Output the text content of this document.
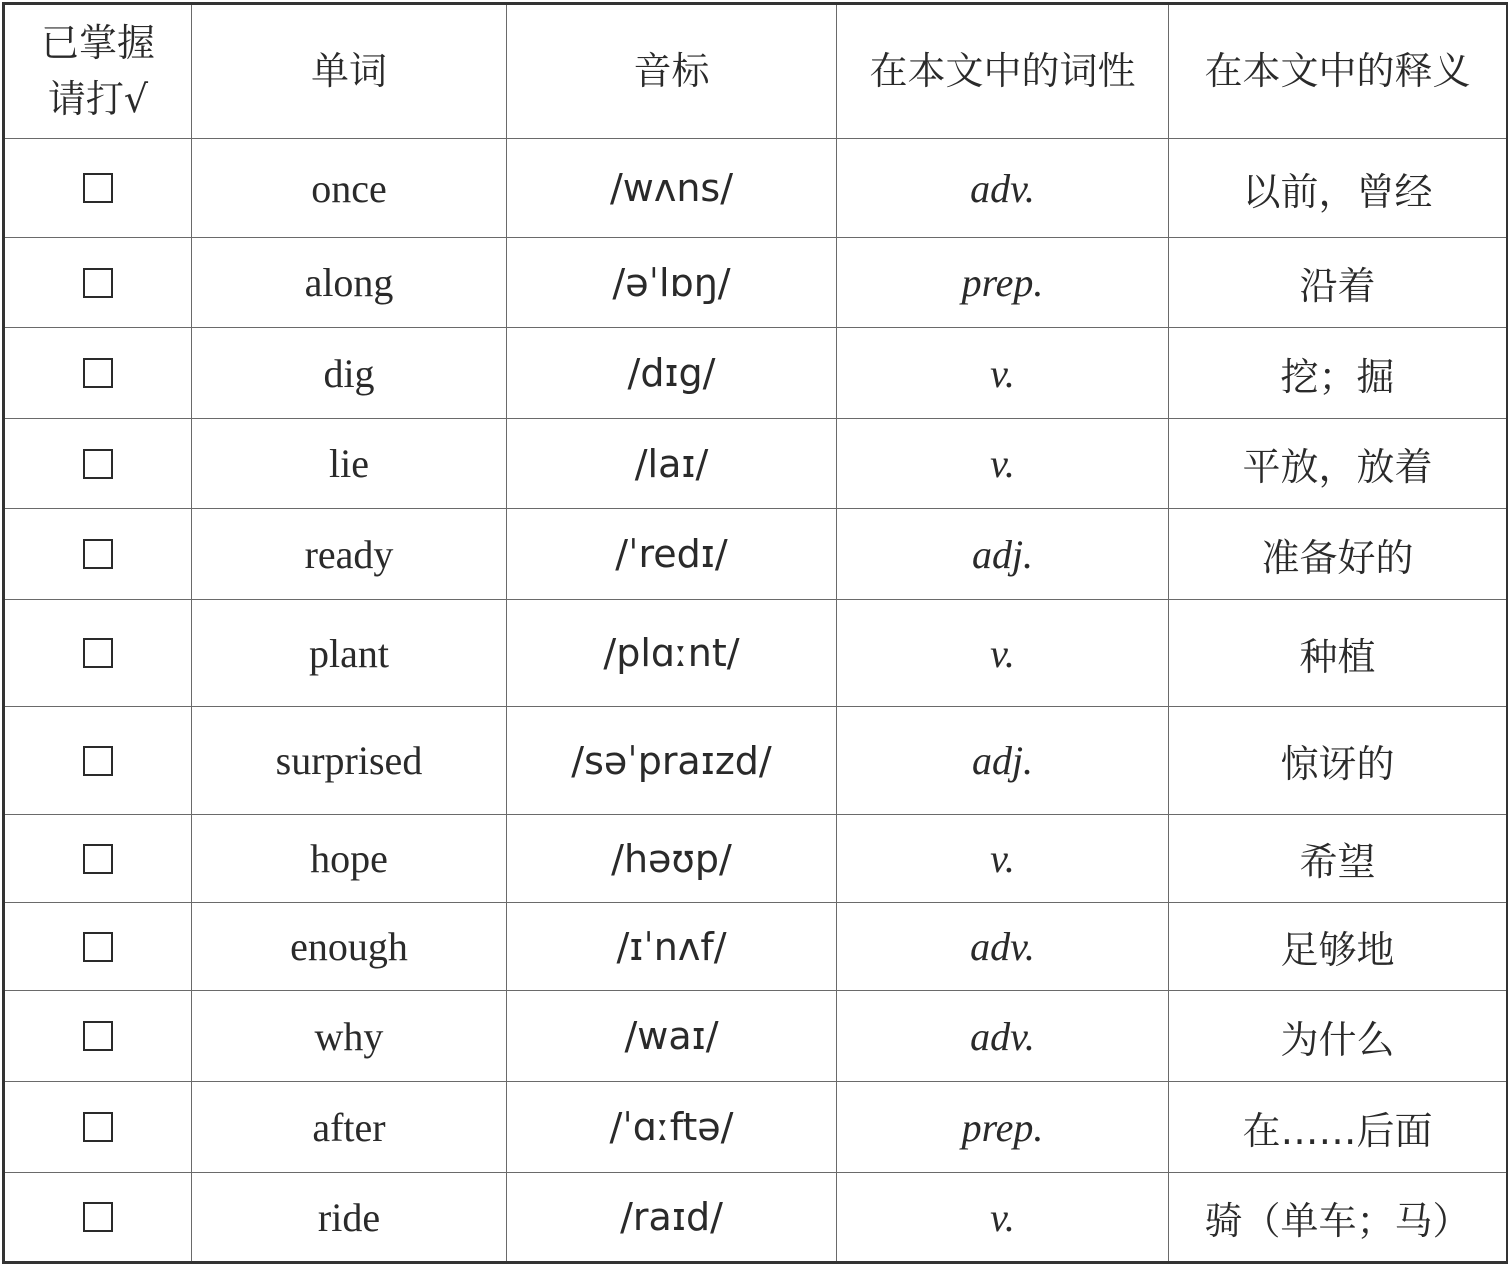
已掌握
请打√	单词	音标	在本文中的词性	在本文中的释义
	once	/wʌns/	adv.	以前，曾经
	along	/əˈlɒŋ/	prep.	沿着
	dig	/dɪg/	v.	挖；掘
	lie	/laɪ/	v.	平放，放着
	ready	/ˈredɪ/	adj.	准备好的
	plant	/plɑːnt/	v.	种植
	surprised	/səˈpraɪzd/	adj.	惊讶的
	hope	/həʊp/	v.	希望
	enough	/ɪˈnʌf/	adv.	足够地
	why	/waɪ/	adv.	为什么
	after	/ˈɑːftə/	prep.	在……后面
	ride	/raɪd/	v.	骑（单车；马）
